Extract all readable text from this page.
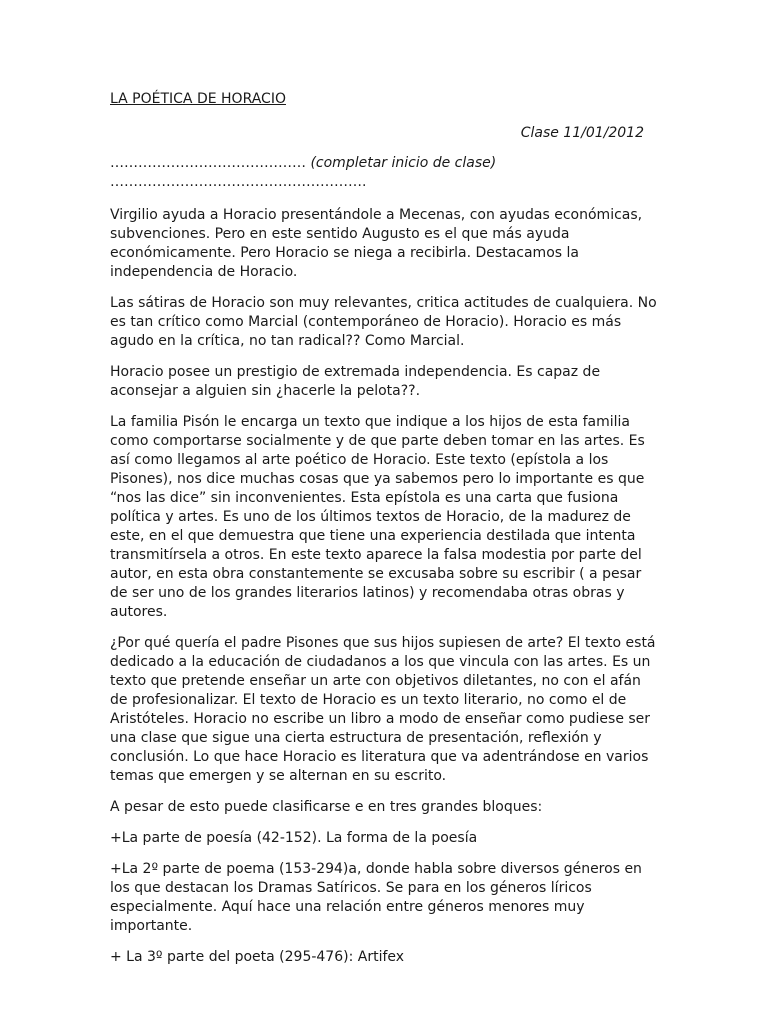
LA POÉTICA DE HORACIO
Clase 11/01/2012
…………………………………… (completar inicio de clase)
……………………………………………….

Virgilio ayuda a Horacio presentándole a Mecenas, con ayudas económicas, subvenciones. Pero en este sentido Augusto es el que más ayuda económicamente. Pero Horacio se niega a recibirla. Destacamos la independencia de Horacio.

Las sátiras de Horacio son muy relevantes, critica actitudes de cualquiera. No es tan crítico como Marcial (contemporáneo de Horacio). Horacio es más agudo en la crítica, no tan radical?? Como Marcial.

Horacio posee un prestigio de extremada independencia. Es capaz de aconsejar a alguien sin ¿hacerle la pelota??.

La familia Pisón le encarga un texto que indique a los hijos de esta familia como comportarse socialmente y de que parte deben tomar en las artes. Es así como llegamos al arte poético de Horacio. Este texto (epístola a los Pisones), nos dice muchas cosas que ya sabemos pero lo importante es que “nos las dice” sin inconvenientes. Esta epístola es una carta que fusiona política y artes. Es uno de los últimos textos de Horacio, de la madurez de este, en el que demuestra que tiene una experiencia destilada que intenta transmitírsela a otros. En este texto aparece la falsa modestia por parte del autor, en esta obra constantemente se excusaba sobre su escribir ( a pesar de ser uno de los grandes literarios latinos) y recomendaba otras obras y autores.

¿Por qué quería el padre Pisones que sus hijos supiesen de arte? El texto está dedicado a la educación de ciudadanos a los que vincula con las artes. Es un texto que pretende enseñar un arte con objetivos diletantes, no con el afán de profesionalizar. El texto de Horacio es un texto literario, no como el de Aristóteles. Horacio no escribe un libro a modo de enseñar como pudiese ser una clase que sigue una cierta estructura de presentación, reflexión y conclusión. Lo que hace Horacio es literatura que va adentrándose en varios temas que emergen y se alternan en su escrito.

A pesar de esto puede clasificarse e en tres grandes bloques:

+La parte de poesía (42-152). La forma de la poesía

+La 2º parte de poema (153-294)a, donde habla sobre diversos géneros en los que destacan los Dramas Satíricos. Se para en los géneros líricos especialmente. Aquí hace una relación entre géneros menores muy importante.

+ La 3º parte del poeta (295-476): Artifex
